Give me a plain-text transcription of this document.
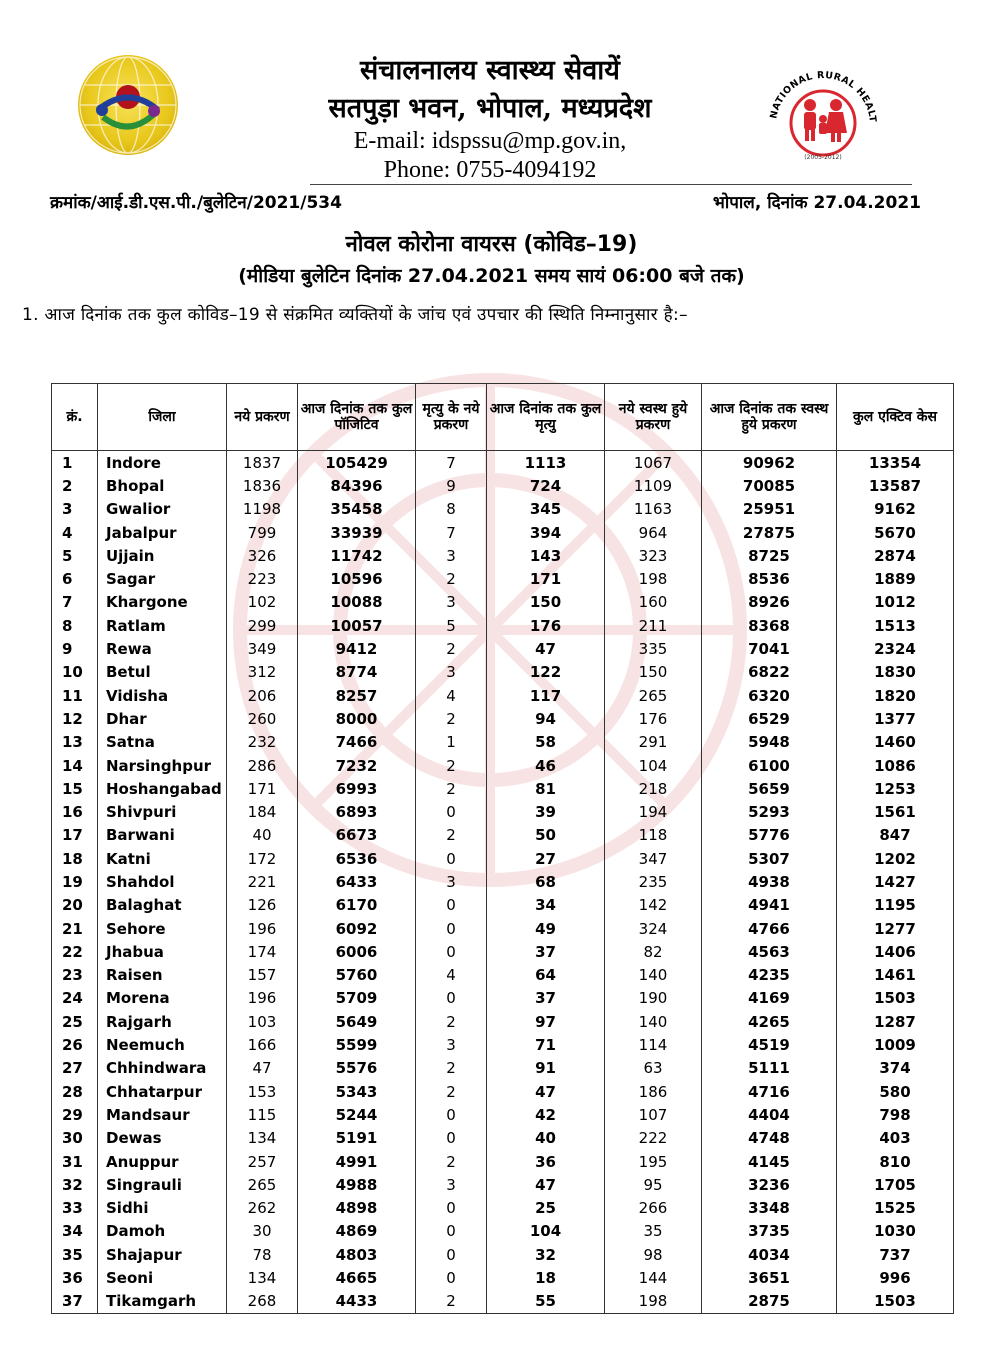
संचालनालय स्वास्थ्य सेवायें
सतपुड़ा भवन, भोपाल, मध्यप्रदेश
E-mail: idspssu@mp.gov.in,
Phone: 0755-4094192
NATIONAL RURAL HEALT
(2005-2012)
क्रमांक/आई.डी.एस.पी./बुलेटिन/2021/534	भोपाल, दिनांक 27.04.2021
नोवल कोरोना वायरस (कोविड–19)
(मीडिया बुलेटिन दिनांक 27.04.2021 समय सायं 06:00 बजे तक)
1. आज दिनांक तक कुल कोविड–19 से संक्रमित व्यक्तियों के जांच एवं उपचार की स्थिति निम्नानुसार है:–
क्रं.	जिला	नये प्रकरण	आज दिनांक तक कुल पॉजिटिव	मृत्यु के नये प्रकरण	आज दिनांक तक कुल मृत्यु	नये स्वस्थ हुये प्रकरण	आज दिनांक तक स्वस्थ हुये प्रकरण	कुल एक्टिव केस
1	Indore	1837	105429	7	1113	1067	90962	13354
2	Bhopal	1836	84396	9	724	1109	70085	13587
3	Gwalior	1198	35458	8	345	1163	25951	9162
4	Jabalpur	799	33939	7	394	964	27875	5670
5	Ujjain	326	11742	3	143	323	8725	2874
6	Sagar	223	10596	2	171	198	8536	1889
7	Khargone	102	10088	3	150	160	8926	1012
8	Ratlam	299	10057	5	176	211	8368	1513
9	Rewa	349	9412	2	47	335	7041	2324
10	Betul	312	8774	3	122	150	6822	1830
11	Vidisha	206	8257	4	117	265	6320	1820
12	Dhar	260	8000	2	94	176	6529	1377
13	Satna	232	7466	1	58	291	5948	1460
14	Narsinghpur	286	7232	2	46	104	6100	1086
15	Hoshangabad	171	6993	2	81	218	5659	1253
16	Shivpuri	184	6893	0	39	194	5293	1561
17	Barwani	40	6673	2	50	118	5776	847
18	Katni	172	6536	0	27	347	5307	1202
19	Shahdol	221	6433	3	68	235	4938	1427
20	Balaghat	126	6170	0	34	142	4941	1195
21	Sehore	196	6092	0	49	324	4766	1277
22	Jhabua	174	6006	0	37	82	4563	1406
23	Raisen	157	5760	4	64	140	4235	1461
24	Morena	196	5709	0	37	190	4169	1503
25	Rajgarh	103	5649	2	97	140	4265	1287
26	Neemuch	166	5599	3	71	114	4519	1009
27	Chhindwara	47	5576	2	91	63	5111	374
28	Chhatarpur	153	5343	2	47	186	4716	580
29	Mandsaur	115	5244	0	42	107	4404	798
30	Dewas	134	5191	0	40	222	4748	403
31	Anuppur	257	4991	2	36	195	4145	810
32	Singrauli	265	4988	3	47	95	3236	1705
33	Sidhi	262	4898	0	25	266	3348	1525
34	Damoh	30	4869	0	104	35	3735	1030
35	Shajapur	78	4803	0	32	98	4034	737
36	Seoni	134	4665	0	18	144	3651	996
37	Tikamgarh	268	4433	2	55	198	2875	1503
